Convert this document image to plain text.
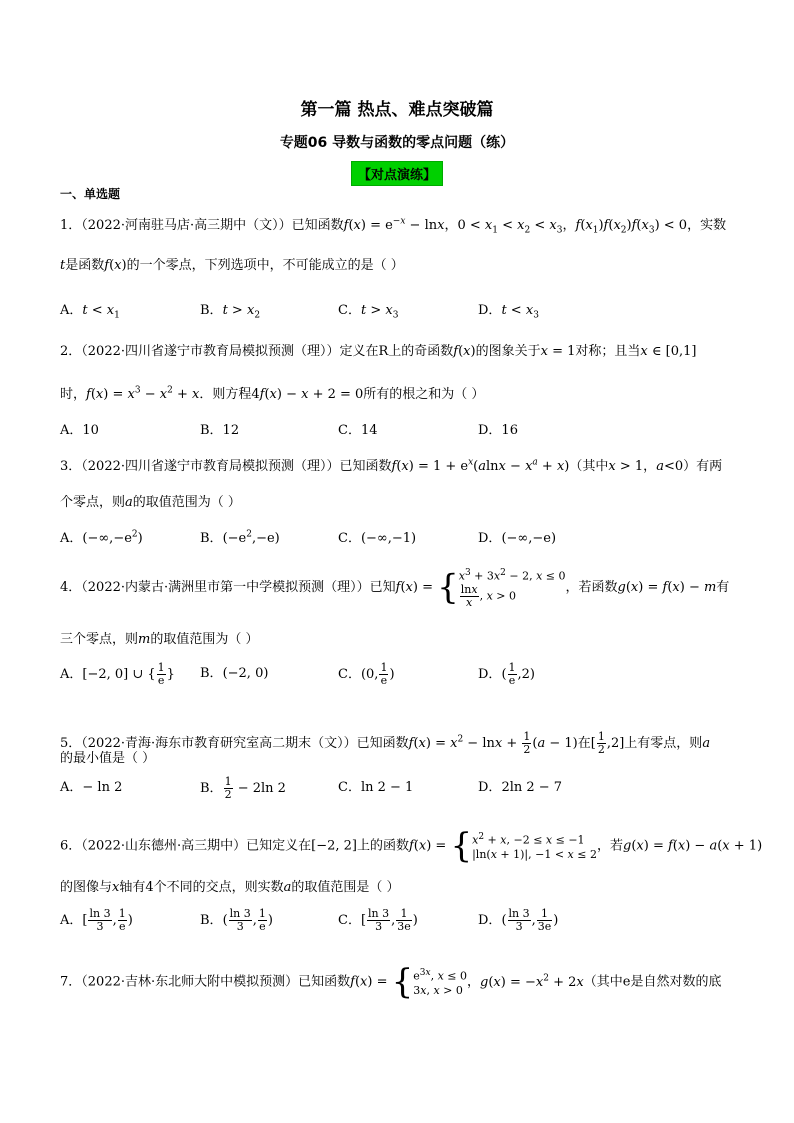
第一篇 热点、难点突破篇
专题06 导数与函数的零点问题（练）
【对点演练】
一、单选题
1．（2022·河南驻马店·高三期中（文））已知函数$f(x) = e^{-x} - \ln x$，$0 < x_1 < x_2 < x_3$，$f(x_1)f(x_2)f(x_3) < 0$，实数
t是函数f(x)的一个零点，下列选项中，不可能成立的是（ ）
A．$t < x_1$	B．$t > x_2$	C．$t > x_3$	D．$t < x_3$
2．（2022·四川省遂宁市教育局模拟预测（理））定义在R上的奇函数f(x)的图象关于x = 1对称；且当x ∈ [0,1]
时，$f(x) = x^3 - x^2 + x$．则方程4f(x) − x + 2 = 0所有的根之和为（ ）
A．10	B．12	C．14	D．16
3．（2022·四川省遂宁市教育局模拟预测（理））已知函数$f(x) = 1 + e^x(alnx - x^a + x)$（其中x > 1，a<0）有两
个零点，则a的取值范围为（ ）
A．$(-\infty,-e^2)$	B．$(-e^2,-e)$	C．(−∞,−1)	D．(−∞,−e)
4．（2022·内蒙古·满洲里市第一中学模拟预测（理））已知f(x) = { $x^3 + 3x^2 - 2$, x ≤ 0
$\frac{\ln x}{x}$ , x > 0
，若函数g(x) = f(x) − m有
三个零点，则m的取值范围为（ ）
A．[−2, 0] ∪ { $\frac{1}{e}$ } B．(−2, 0)	C．(0, $\frac{1}{e}$ )	D．( $\frac{1}{e} ,2$)
5．（2022·青海·海东市教育研究室高二期末（文））已知函数$f(x) = x^2 - \ln x + \frac{1}{2} (a - 1)$在[ $\frac{1}{2} ,2$]上有零点，则a
的最小值是（ ）
A．− ln 2	B． $\frac{1}{2} - 2\ln$ 2	C．ln 2 − 1	D．2ln 2 − 7
6．（2022·山东德州·高三期中）已知定义在[−2, 2]上的函数f(x) = { $x^2 + x$, −2 ≤ x ≤ −1
|ln(x + 1)|, −1 < x ≤ 2
，若g(x) = f(x) − a(x + 1)
的图像与x轴有4个不同的交点，则实数a的取值范围是（ ）
A．[ $\frac{\ln 3}{3}$ , $\frac{1}{e}$ )	B．( $\frac{\ln 3}{3}$ , $\frac{1}{e}$ )	C．[ $\frac{\ln 3}{3}$ , $\frac{1}{3e}$ )	D．( $\frac{\ln 3}{3}$ , $\frac{1}{3e}$ )
7．（2022·吉林·东北师大附中模拟预测）已知函数f(x) = { $e^{3x}$, x ≤ 0
3x, x > 0
，$g(x) = -x^2 + 2x$（其中e是自然对数的底
